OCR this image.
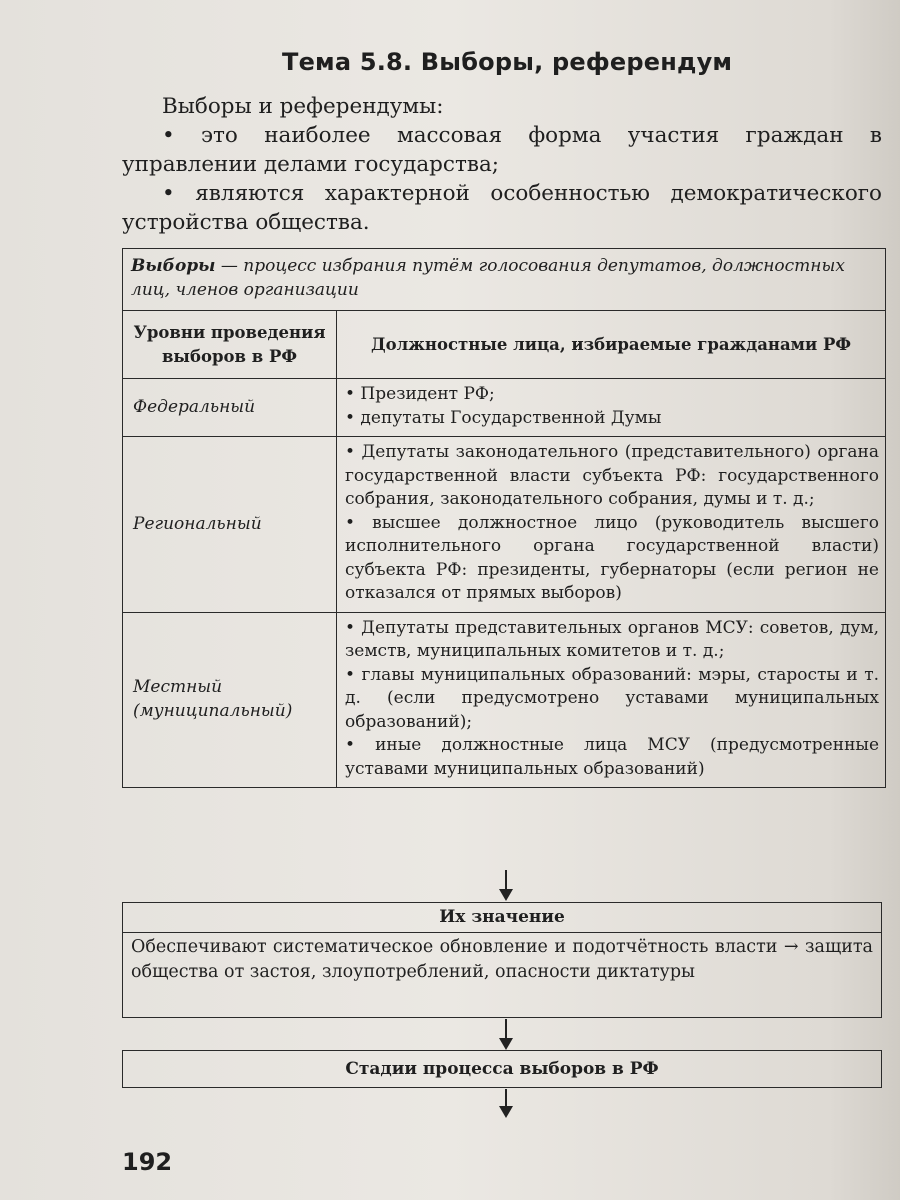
Тема 5.8. Выборы, референдум

Выборы и референдумы:

• это наиболее массовая форма участия граждан в управлении делами государства;

• являются характерной особенностью демократического устройства общества.

Выборы — процесс избрания путём голосования депутатов, должностных лиц, членов организации	
Уровни проведения выборов в РФ	Должностные лица, избираемые гражданами РФ
Федеральный	• Президент РФ;
• депутаты Государственной Думы

Региональный	• Депутаты законодательного (представительного) органа государственной власти субъекта РФ: государственного собрания, законодательного собрания, думы и т. д.;
• высшее должностное лицо (руководитель высшего исполнительного органа государственной власти) субъекта РФ: президенты, губернаторы (если регион не отказался от прямых выборов)

Местный (муниципальный)	• Депутаты представительных органов МСУ: советов, дум, земств, муниципальных комитетов и т. д.;
• главы муниципальных образований: мэры, старосты и т. д. (если предусмотрено уставами муниципальных образований);
• иные должностные лица МСУ (предусмотренные уставами муниципальных образований)
Их значение
Обеспечивают систематическое обновление и подотчётность власти → защита общества от застоя, злоупотреблений, опасности диктатуры
Стадии процесса выборов в РФ
192
